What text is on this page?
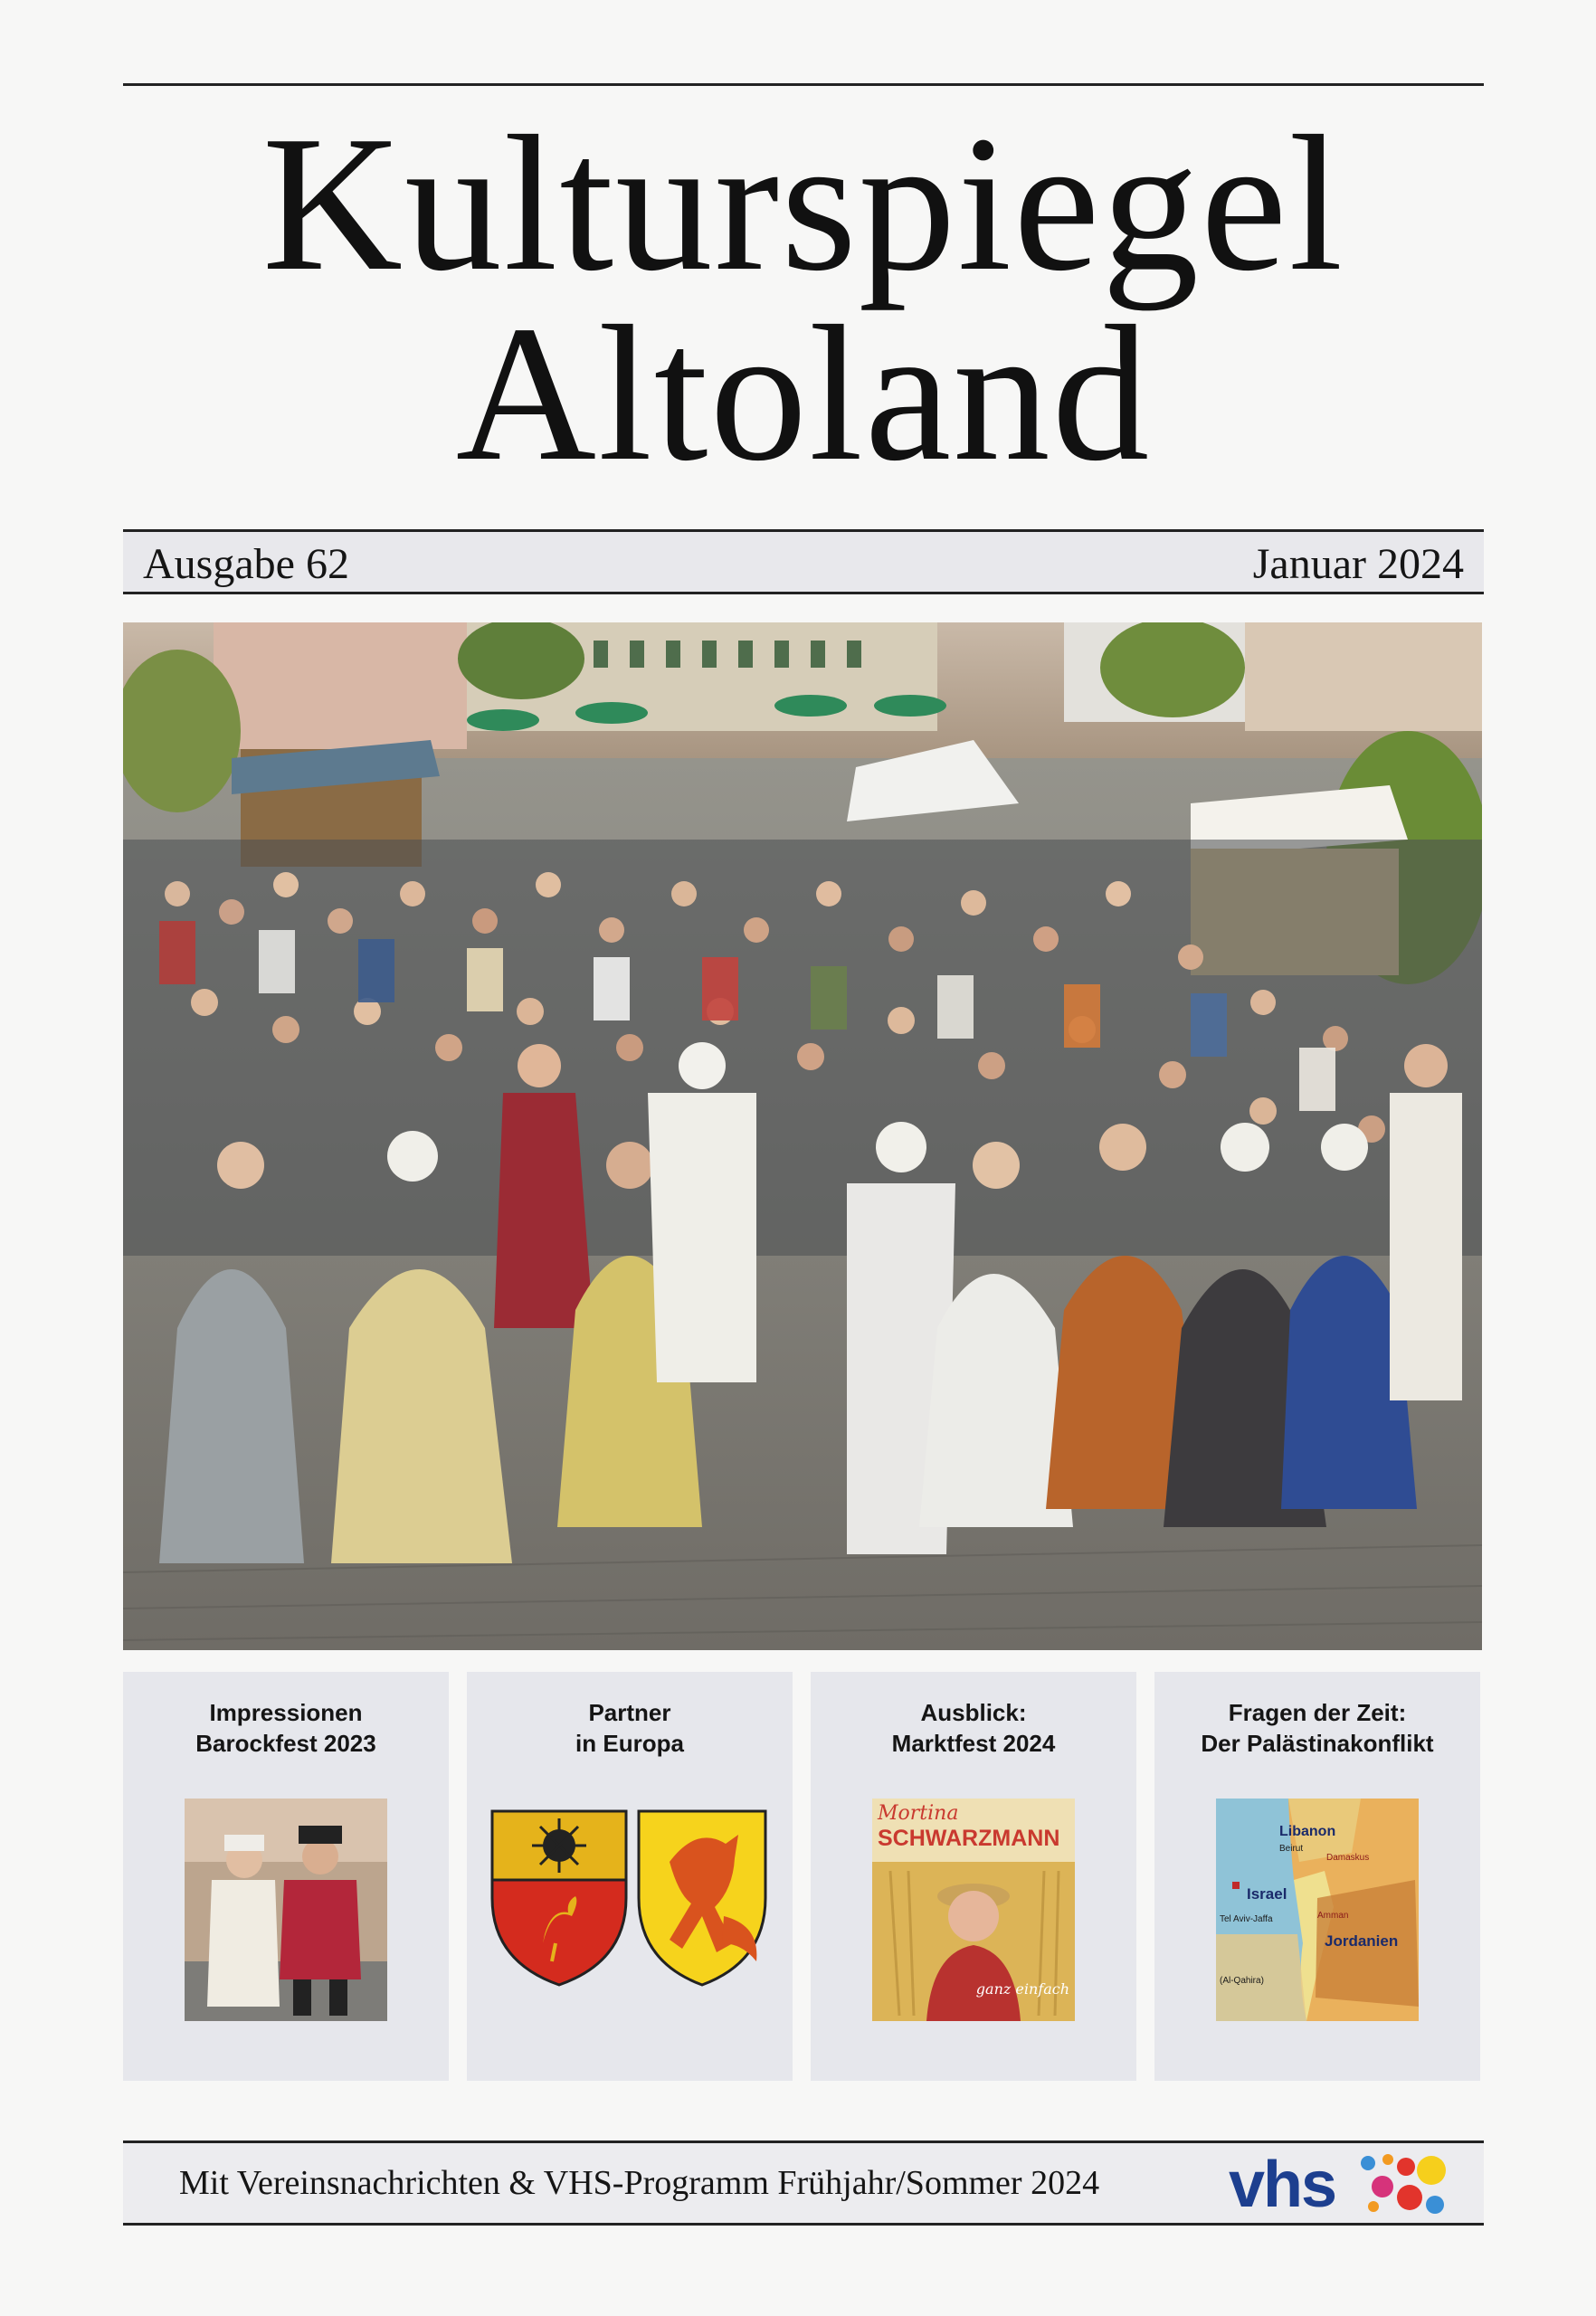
Kulturspiegel
Altoland
Ausgabe 62	Januar 2024
Impressionen
Barockfest 2023
Partner
in Europa
Ausblick:
Marktfest 2024
Mortina
SCHWARZMANN
ganz einfach
Fragen der Zeit:
Der Palästinakonflikt
Libanon
Beirut
Damaskus
Israel
Tel Aviv-Jaffa	Amman
Jordanien
(Al-Qahira)
Mit Vereinsnachrichten & VHS-Programm Frühjahr/Sommer 2024 vhs
